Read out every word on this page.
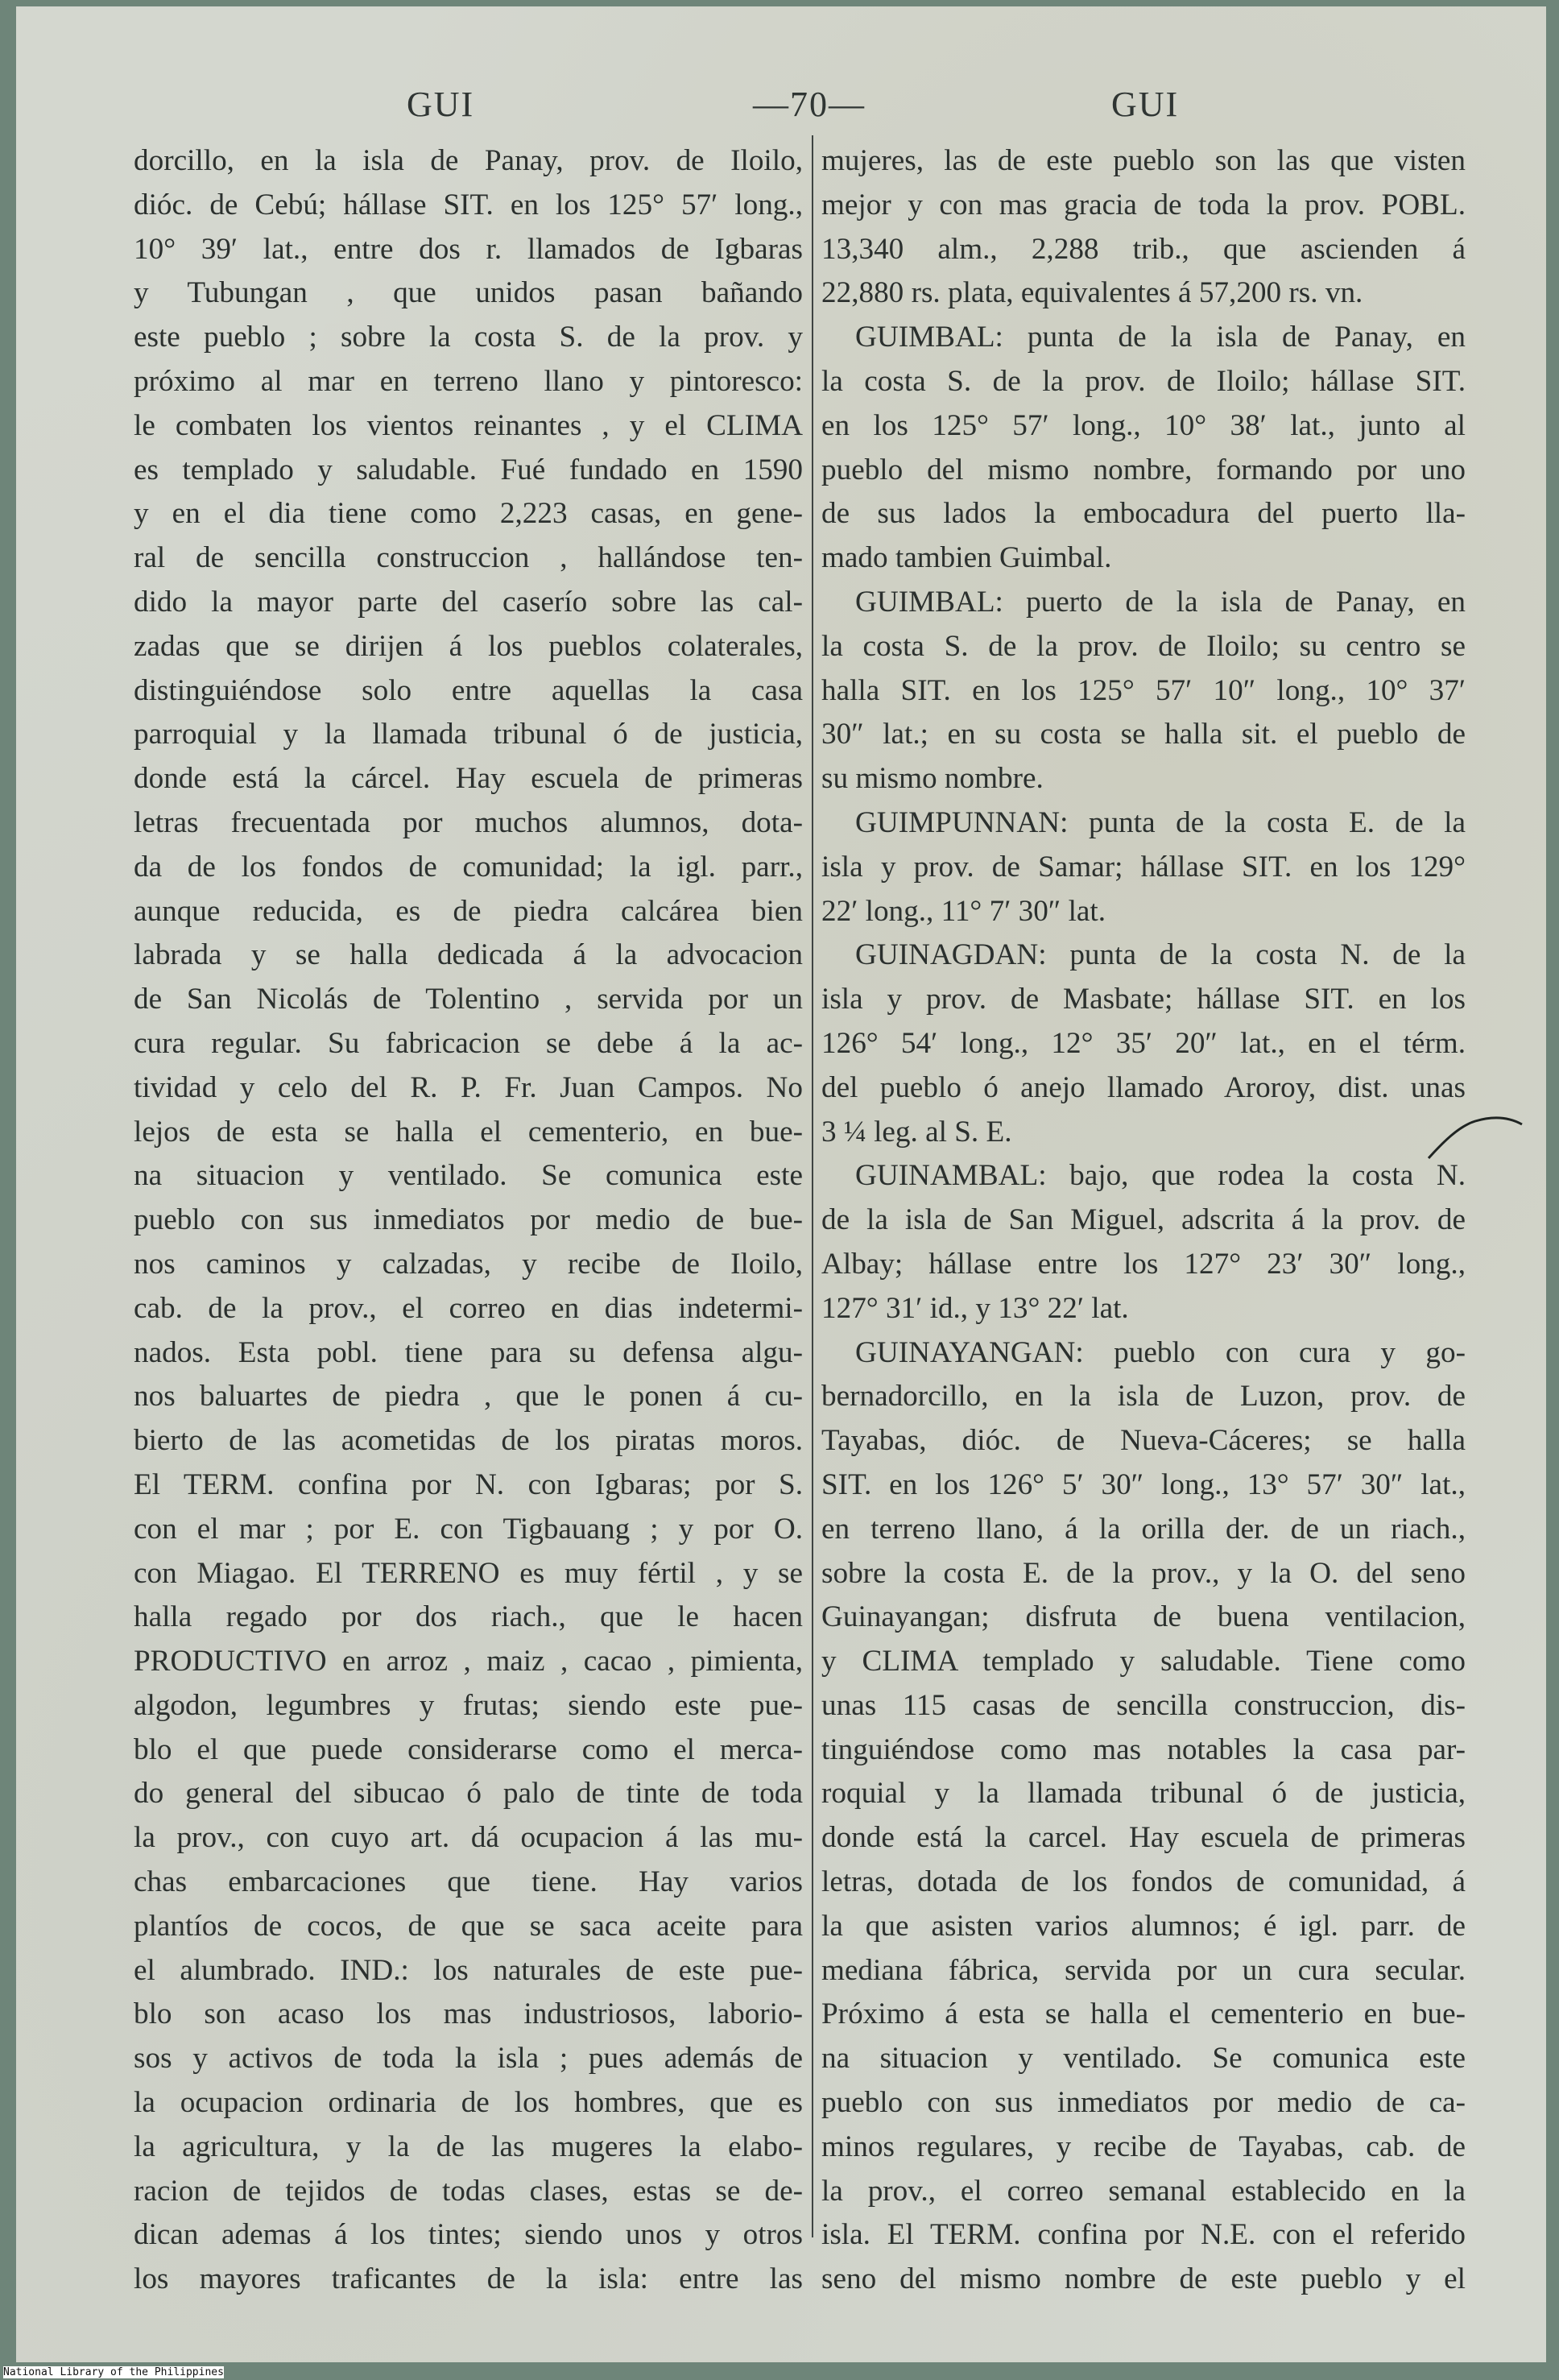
GUI	—70—	GUI
dorcillo, en la isla de Panay, prov. de Iloilo,
dióc. de Cebú; hállase SIT. en los 125° 57′ long.,
10° 39′ lat., entre dos r. llamados de Igbaras
y Tubungan , que unidos pasan bañando
este pueblo ; sobre la costa S. de la prov. y
próximo al mar en terreno llano y pintoresco:
le combaten los vientos reinantes , y el CLIMA
es templado y saludable. Fué fundado en 1590
y en el dia tiene como 2,223 casas, en gene-
ral de sencilla construccion , hallándose ten-
dido la mayor parte del caserío sobre las cal-
zadas que se dirijen á los pueblos colaterales,
distinguiéndose solo entre aquellas la casa
parroquial y la llamada tribunal ó de justicia,
donde está la cárcel. Hay escuela de primeras
letras frecuentada por muchos alumnos, dota-
da de los fondos de comunidad; la igl. parr.,
aunque reducida, es de piedra calcárea bien
labrada y se halla dedicada á la advocacion
de San Nicolás de Tolentino , servida por un
cura regular. Su fabricacion se debe á la ac-
tividad y celo del R. P. Fr. Juan Campos. No
lejos de esta se halla el cementerio, en bue-
na situacion y ventilado. Se comunica este
pueblo con sus inmediatos por medio de bue-
nos caminos y calzadas, y recibe de Iloilo,
cab. de la prov., el correo en dias indetermi-
nados. Esta pobl. tiene para su defensa algu-
nos baluartes de piedra , que le ponen á cu-
bierto de las acometidas de los piratas moros.
El TERM. confina por N. con Igbaras; por S.
con el mar ; por E. con Tigbauang ; y por O.
con Miagao. El TERRENO es muy fértil , y se
halla regado por dos riach., que le hacen
PRODUCTIVO en arroz , maiz , cacao , pimienta,
algodon, legumbres y frutas; siendo este pue-
blo el que puede considerarse como el merca-
do general del sibucao ó palo de tinte de toda
la prov., con cuyo art. dá ocupacion á las mu-
chas embarcaciones que tiene. Hay varios
plantíos de cocos, de que se saca aceite para
el alumbrado. IND.: los naturales de este pue-
blo son acaso los mas industriosos, laborio-
sos y activos de toda la isla ; pues además de
la ocupacion ordinaria de los hombres, que es
la agricultura, y la de las mugeres la elabo-
racion de tejidos de todas clases, estas se de-
dican ademas á los tintes; siendo unos y otros
los mayores traficantes de la isla: entre las
mujeres, las de este pueblo son las que visten
mejor y con mas gracia de toda la prov. POBL.
13,340 alm., 2,288 trib., que ascienden á
22,880 rs. plata, equivalentes á 57,200 rs. vn.
GUIMBAL: punta de la isla de Panay, en
la costa S. de la prov. de Iloilo; hállase SIT.
en los 125° 57′ long., 10° 38′ lat., junto al
pueblo del mismo nombre, formando por uno
de sus lados la embocadura del puerto lla-
mado tambien Guimbal.
GUIMBAL: puerto de la isla de Panay, en
la costa S. de la prov. de Iloilo; su centro se
halla SIT. en los 125° 57′ 10″ long., 10° 37′
30″ lat.; en su costa se halla sit. el pueblo de
su mismo nombre.
GUIMPUNNAN: punta de la costa E. de la
isla y prov. de Samar; hállase SIT. en los 129°
22′ long., 11° 7′ 30″ lat.
GUINAGDAN: punta de la costa N. de la
isla y prov. de Masbate; hállase SIT. en los
126° 54′ long., 12° 35′ 20″ lat., en el térm.
del pueblo ó anejo llamado Aroroy, dist. unas
3 ¼ leg. al S. E.
GUINAMBAL: bajo, que rodea la costa N.
de la isla de San Miguel, adscrita á la prov. de
Albay; hállase entre los 127° 23′ 30″ long.,
127° 31′ id., y 13° 22′ lat.
GUINAYANGAN: pueblo con cura y go-
bernadorcillo, en la isla de Luzon, prov. de
Tayabas, dióc. de Nueva-Cáceres; se halla
SIT. en los 126° 5′ 30″ long., 13° 57′ 30″ lat.,
en terreno llano, á la orilla der. de un riach.,
sobre la costa E. de la prov., y la O. del seno
Guinayangan; disfruta de buena ventilacion,
y CLIMA templado y saludable. Tiene como
unas 115 casas de sencilla construccion, dis-
tinguiéndose como mas notables la casa par-
roquial y la llamada tribunal ó de justicia,
donde está la carcel. Hay escuela de primeras
letras, dotada de los fondos de comunidad, á
la que asisten varios alumnos; é igl. parr. de
mediana fábrica, servida por un cura secular.
Próximo á esta se halla el cementerio en bue-
na situacion y ventilado. Se comunica este
pueblo con sus inmediatos por medio de ca-
minos regulares, y recibe de Tayabas, cab. de
la prov., el correo semanal establecido en la
isla. El TERM. confina por N.E. con el referido
seno del mismo nombre de este pueblo y el
National Library of the Philippines
